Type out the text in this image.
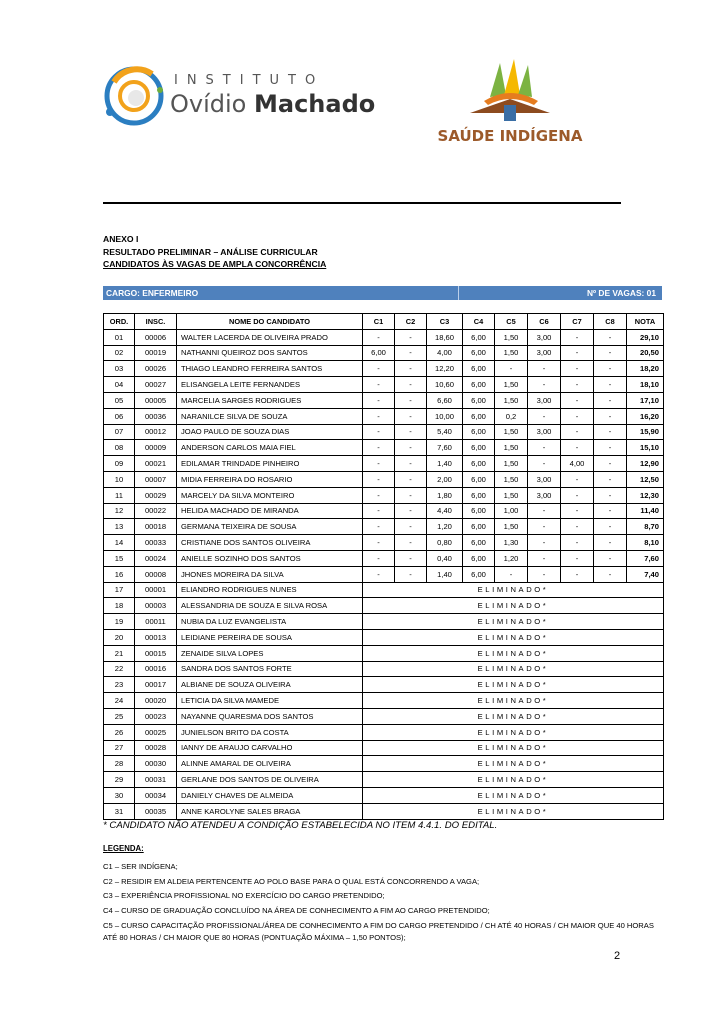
INSTITUTO
Ovídio Machado
SAÚDE INDÍGENA
ANEXO I
RESULTADO PRELIMINAR – ANÁLISE CURRICULAR
CANDIDATOS ÀS VAGAS DE AMPLA CONCORRÊNCIA
CARGO: ENFERMEIRO	Nº DE VAGAS: 01
ORD.	INSC.	NOME DO CANDIDATO	C1	C2	C3	C4	C5	C6	C7	C8	NOTA
01	00006	WALTER LACERDA DE OLIVEIRA PRADO	-	-	18,60	6,00	1,50	3,00	-	-	29,10
02	00019	NATHANNI QUEIROZ DOS SANTOS	6,00	-	4,00	6,00	1,50	3,00	-	-	20,50
03	00026	THIAGO LEANDRO FERREIRA SANTOS	-	-	12,20	6,00	-	-	-	-	18,20
04	00027	ELISANGELA LEITE FERNANDES	-	-	10,60	6,00	1,50	-	-	-	18,10
05	00005	MARCELIA SARGES RODRIGUES	-	-	6,60	6,00	1,50	3,00	-	-	17,10
06	00036	NARANILCE SILVA DE SOUZA	-	-	10,00	6,00	0,2	-	-	-	16,20
07	00012	JOAO PAULO DE SOUZA DIAS	-	-	5,40	6,00	1,50	3,00	-	-	15,90
08	00009	ANDERSON CARLOS MAIA FIEL	-	-	7,60	6,00	1,50	-	-	-	15,10
09	00021	EDILAMAR TRINDADE PINHEIRO	-	-	1,40	6,00	1,50	-	4,00	-	12,90
10	00007	MIDIA FERREIRA DO ROSARIO	-	-	2,00	6,00	1,50	3,00	-	-	12,50
11	00029	MARCELY DA SILVA MONTEIRO	-	-	1,80	6,00	1,50	3,00	-	-	12,30
12	00022	HELIDA MACHADO DE MIRANDA	-	-	4,40	6,00	1,00	-	-	-	11,40
13	00018	GERMANA TEIXEIRA DE SOUSA	-	-	1,20	6,00	1,50	-	-	-	8,70
14	00033	CRISTIANE DOS SANTOS OLIVEIRA	-	-	0,80	6,00	1,30	-	-	-	8,10
15	00024	ANIELLE SOZINHO DOS SANTOS	-	-	0,40	6,00	1,20	-	-	-	7,60
16	00008	JHONES MOREIRA DA SILVA	-	-	1,40	6,00	-	-	-	-	7,40
17	00001	ELIANDRO RODRIGUES NUNES	ELIMINADO*								
18	00003	ALESSANDRIA DE SOUZA E SILVA ROSA	ELIMINADO*								
19	00011	NUBIA DA LUZ EVANGELISTA	ELIMINADO*								
20	00013	LEIDIANE PEREIRA DE SOUSA	ELIMINADO*								
21	00015	ZENAIDE SILVA LOPES	ELIMINADO*								
22	00016	SANDRA DOS SANTOS FORTE	ELIMINADO*								
23	00017	ALBIANE DE SOUZA OLIVEIRA	ELIMINADO*								
24	00020	LETICIA DA SILVA MAMEDE	ELIMINADO*								
25	00023	NAYANNE QUARESMA DOS SANTOS	ELIMINADO*								
26	00025	JUNIELSON BRITO DA COSTA	ELIMINADO*								
27	00028	IANNY DE ARAUJO CARVALHO	ELIMINADO*								
28	00030	ALINNE AMARAL DE OLIVEIRA	ELIMINADO*								
29	00031	GERLANE DOS SANTOS DE OLIVEIRA	ELIMINADO*								
30	00034	DANIELY CHAVES DE ALMEIDA	ELIMINADO*								
31	00035	ANNE KAROLYNE SALES BRAGA	ELIMINADO*								
* CANDIDATO NÃO ATENDEU A CONDIÇÃO ESTABELECIDA NO ITEM 4.4.1. DO EDITAL.
LEGENDA:

C1 – SER INDÍGENA;

C2 – RESIDIR EM ALDEIA PERTENCENTE AO POLO BASE PARA O QUAL ESTÁ CONCORRENDO A VAGA;

C3 – EXPERIÊNCIA PROFISSIONAL NO EXERCÍCIO DO CARGO PRETENDIDO;

C4 – CURSO DE GRADUAÇÃO CONCLUÍDO NA ÁREA DE CONHECIMENTO A FIM AO CARGO PRETENDIDO;

C5 – CURSO CAPACITAÇÃO PROFISSIONAL/ÁREA DE CONHECIMENTO A FIM DO CARGO PRETENDIDO / CH ATÉ 40 HORAS / CH MAIOR QUE 40 HORAS ATÉ 80 HORAS / CH MAIOR QUE 80 HORAS (PONTUAÇÃO MÁXIMA – 1,50 PONTOS);

2
